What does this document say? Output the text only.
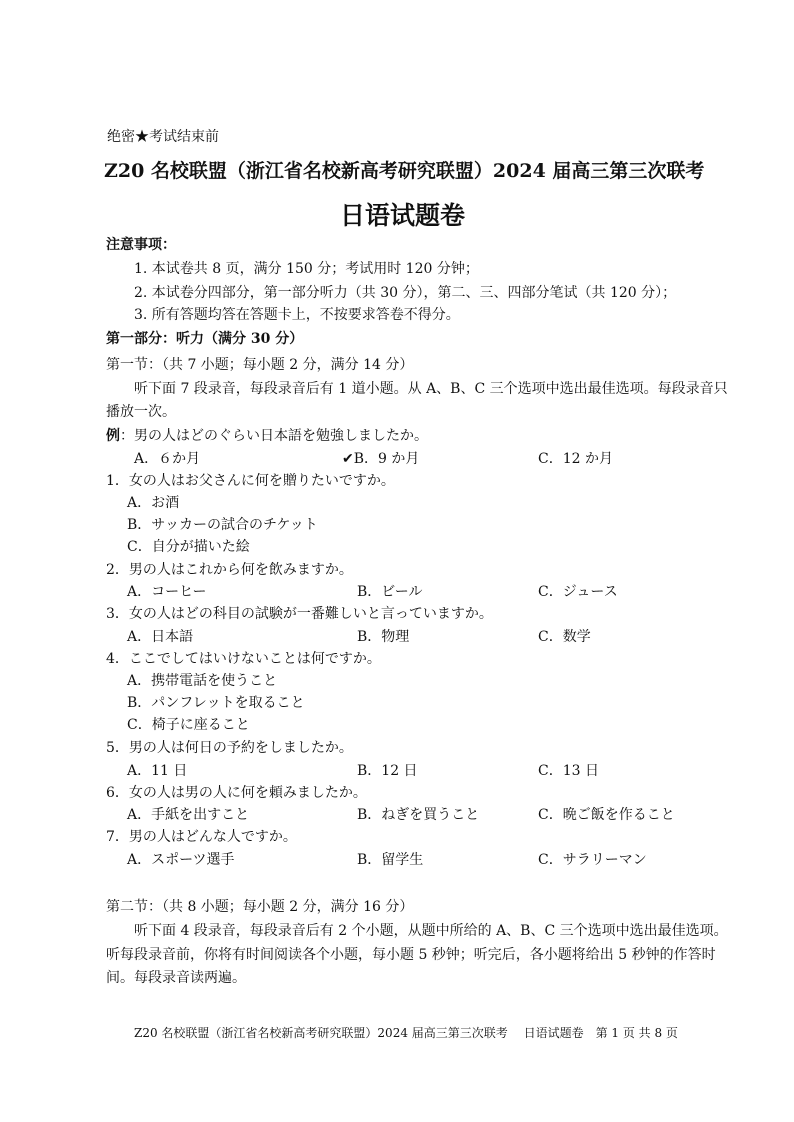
绝密★考试结束前
Z20 名校联盟（浙江省名校新高考研究联盟）2024 届高三第三次联考
日语试题卷
注意事项：
1. 本试卷共 8 页，满分 150 分；考试用时 120 分钟；
2. 本试卷分四部分，第一部分听力（共 30 分），第二、三、四部分笔试（共 120 分）；
3. 所有答题均答在答题卡上，不按要求答卷不得分。
第一部分：听力（满分 30 分）
第一节：（共 7 小题；每小题 2 分，满分 14 分）
听下面 7 段录音，每段录音后有 1 道小题。从 A、B、C 三个选项中选出最佳选项。每段录音只
播放一次。
例：男の人はどのぐらい日本語を勉強しましたか。
A．６か月	✔B．9 か月	C．12 か月
1．女の人はお父さんに何を贈りたいですか。
A．お酒
B．サッカーの試合のチケット
C．自分が描いた絵
2．男の人はこれから何を飲みますか。
A．コーヒー	B．ビール	C．ジュース
3．女の人はどの科目の試験が一番難しいと言っていますか。
A．日本語	B．物理	C．数学
4．ここでしてはいけないことは何ですか。
A．携帯電話を使うこと
B．パンフレットを取ること
C．椅子に座ること
5．男の人は何日の予約をしましたか。
A．11 日	B．12 日	C．13 日
6．女の人は男の人に何を頼みましたか。
A．手紙を出すこと	B．ねぎを買うこと	C．晩ご飯を作ること
7．男の人はどんな人ですか。
A．スポーツ選手	B．留学生	C．サラリーマン
第二节：（共 8 小题；每小题 2 分，满分 16 分）
听下面 4 段录音，每段录音后有 2 个小题，从题中所给的 A、B、C 三个选项中选出最佳选项。
听每段录音前，你将有时间阅读各个小题，每小题 5 秒钟；听完后，各小题将给出 5 秒钟的作答时
间。每段录音读两遍。
Z20 名校联盟（浙江省名校新高考研究联盟）2024 届高三第三次联考　 日语试题卷　第 1 页 共 8 页
